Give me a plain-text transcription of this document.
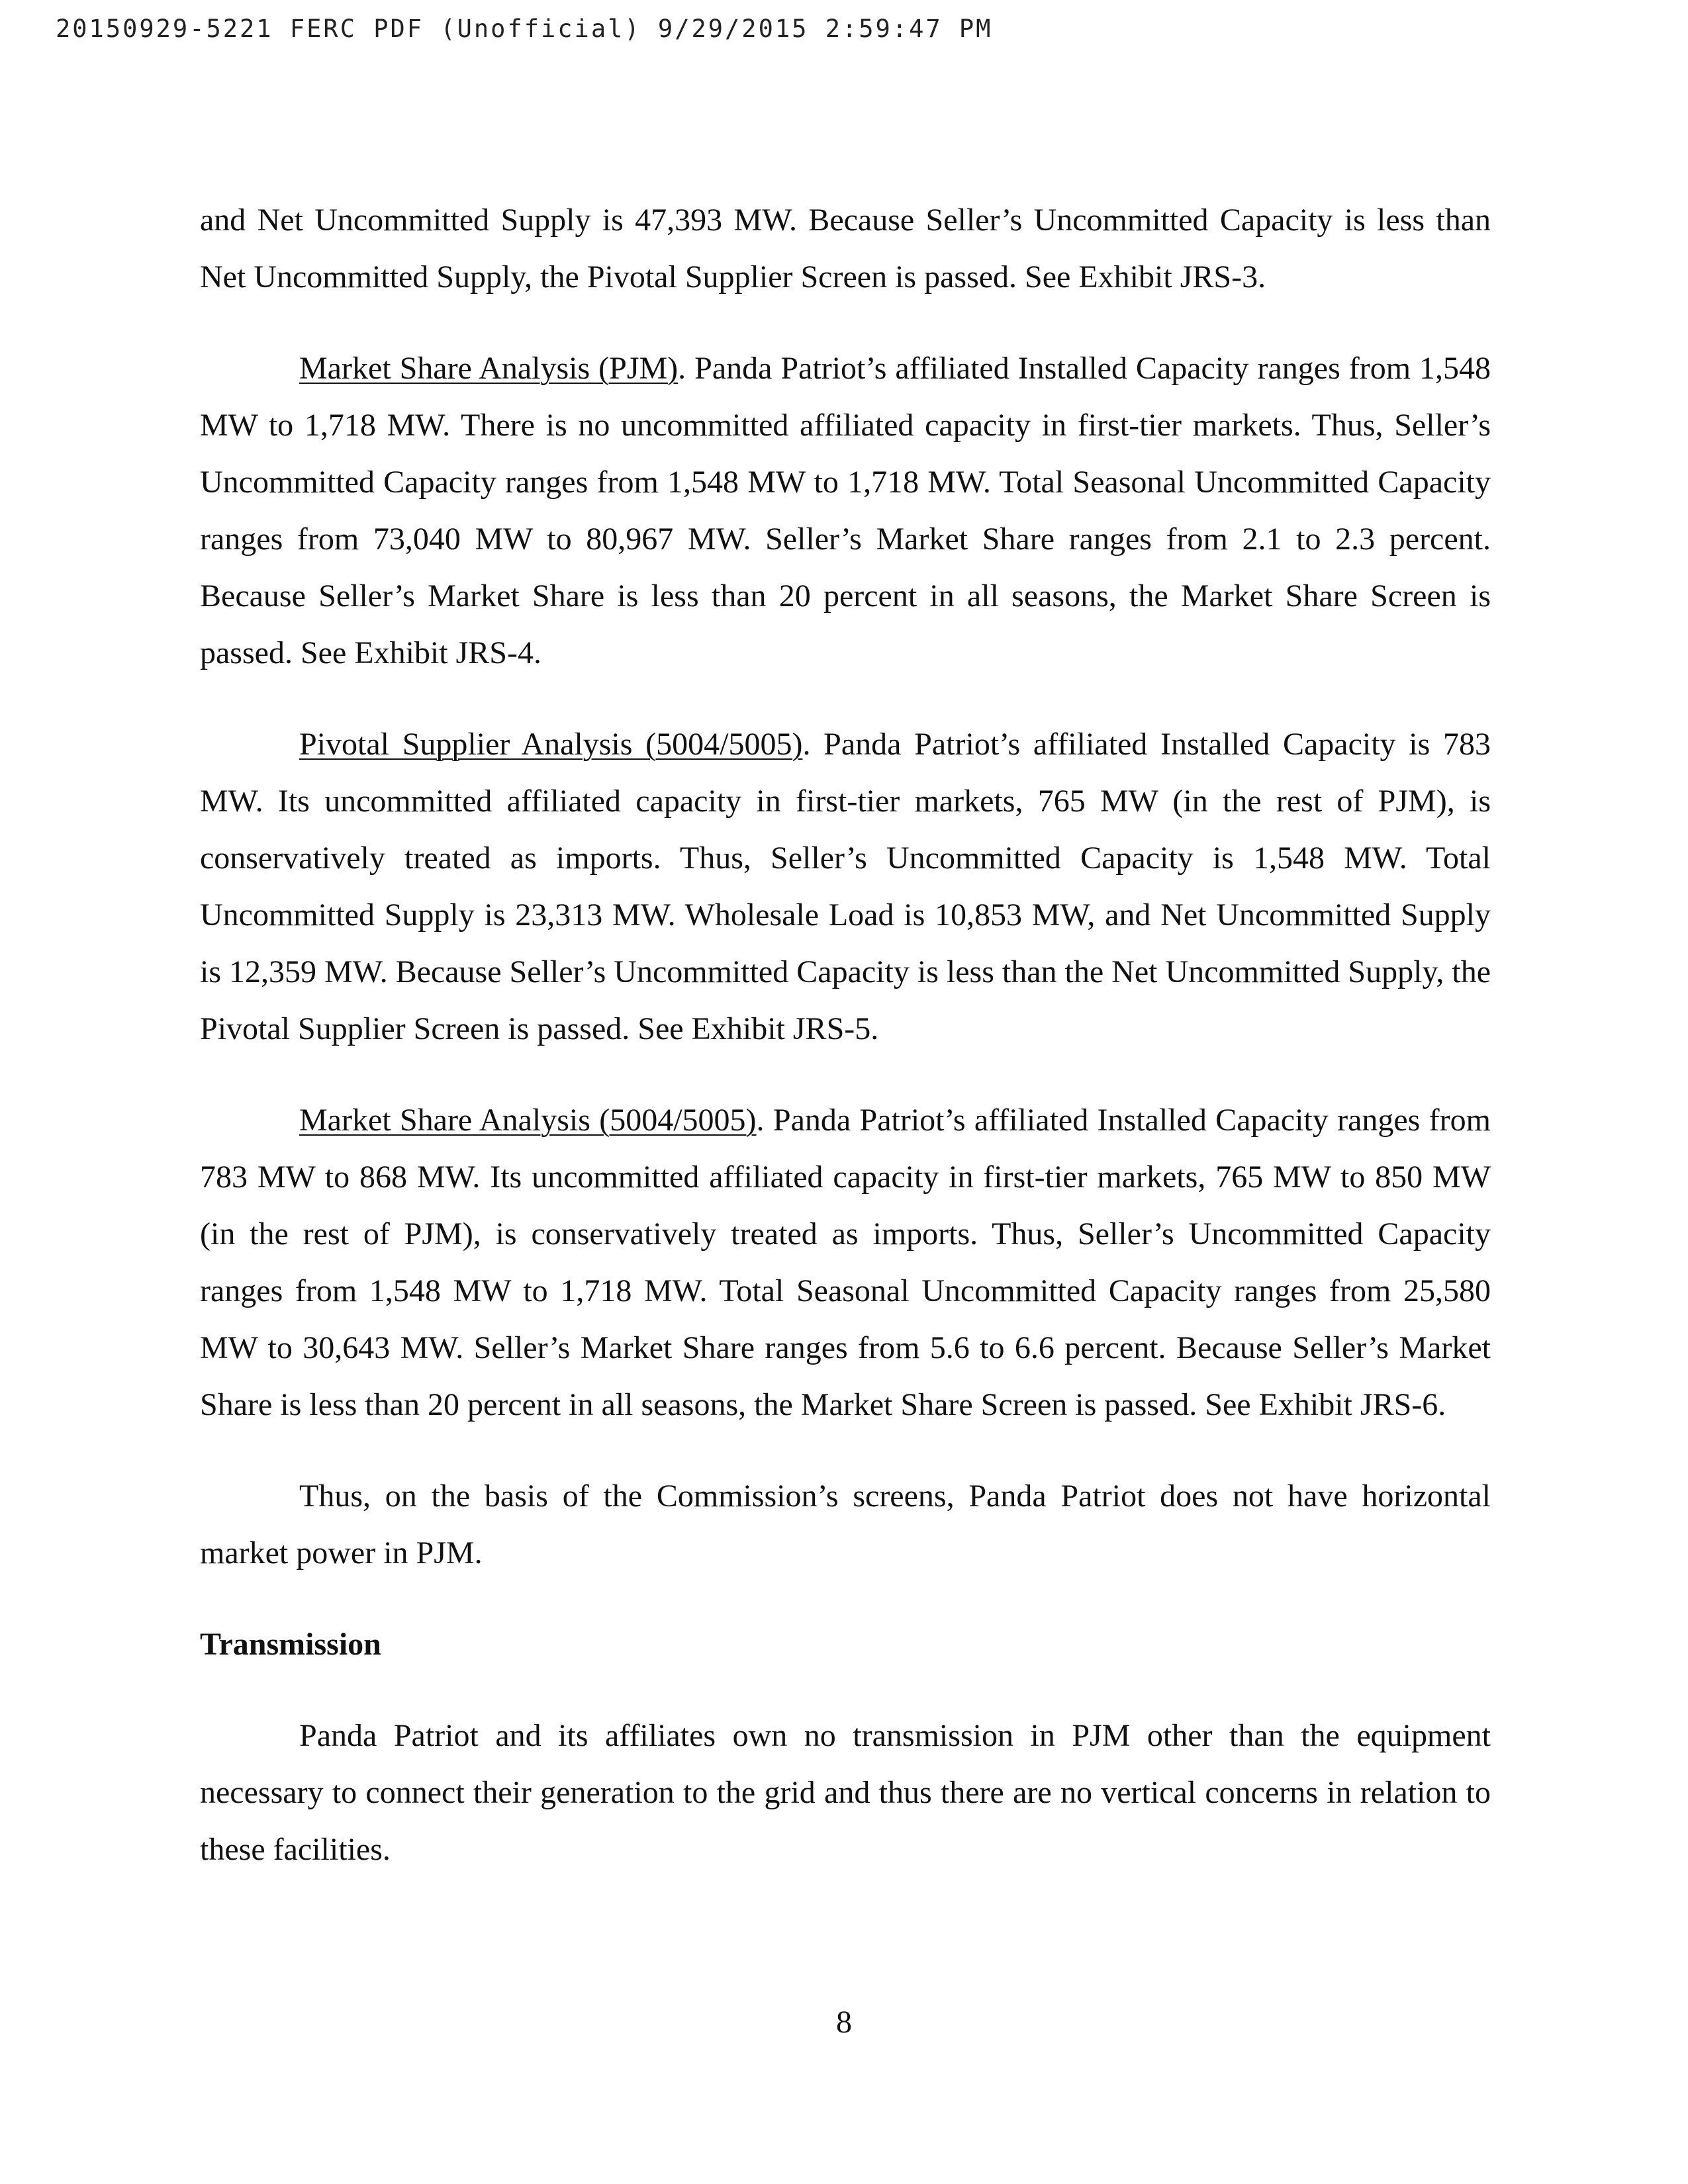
20150929-5221 FERC PDF (Unofficial) 9/29/2015 2:59:47 PM

and Net Uncommitted Supply is 47,393 MW. Because Seller’s Uncommitted Capacity is less than Net Uncommitted Supply, the Pivotal Supplier Screen is passed. See Exhibit JRS-3.

Market Share Analysis (PJM). Panda Patriot’s affiliated Installed Capacity ranges from 1,548 MW to 1,718 MW. There is no uncommitted affiliated capacity in first-tier markets. Thus, Seller’s Uncommitted Capacity ranges from 1,548 MW to 1,718 MW. Total Seasonal Uncommitted Capacity ranges from 73,040 MW to 80,967 MW. Seller’s Market Share ranges from 2.1 to 2.3 percent. Because Seller’s Market Share is less than 20 percent in all seasons, the Market Share Screen is passed. See Exhibit JRS-4.

Pivotal Supplier Analysis (5004/5005). Panda Patriot’s affiliated Installed Capacity is 783 MW. Its uncommitted affiliated capacity in first-tier markets, 765 MW (in the rest of PJM), is conservatively treated as imports. Thus, Seller’s Uncommitted Capacity is 1,548 MW. Total Uncommitted Supply is 23,313 MW. Wholesale Load is 10,853 MW, and Net Uncommitted Supply is 12,359 MW. Because Seller’s Uncommitted Capacity is less than the Net Uncommitted Supply, the Pivotal Supplier Screen is passed. See Exhibit JRS-5.

Market Share Analysis (5004/5005). Panda Patriot’s affiliated Installed Capacity ranges from 783 MW to 868 MW. Its uncommitted affiliated capacity in first-tier markets, 765 MW to 850 MW (in the rest of PJM), is conservatively treated as imports. Thus, Seller’s Uncommitted Capacity ranges from 1,548 MW to 1,718 MW. Total Seasonal Uncommitted Capacity ranges from 25,580 MW to 30,643 MW. Seller’s Market Share ranges from 5.6 to 6.6 percent. Because Seller’s Market Share is less than 20 percent in all seasons, the Market Share Screen is passed. See Exhibit JRS-6.

Thus, on the basis of the Commission’s screens, Panda Patriot does not have horizontal market power in PJM.

Transmission

Panda Patriot and its affiliates own no transmission in PJM other than the equipment necessary to connect their generation to the grid and thus there are no vertical concerns in relation to these facilities.

8
